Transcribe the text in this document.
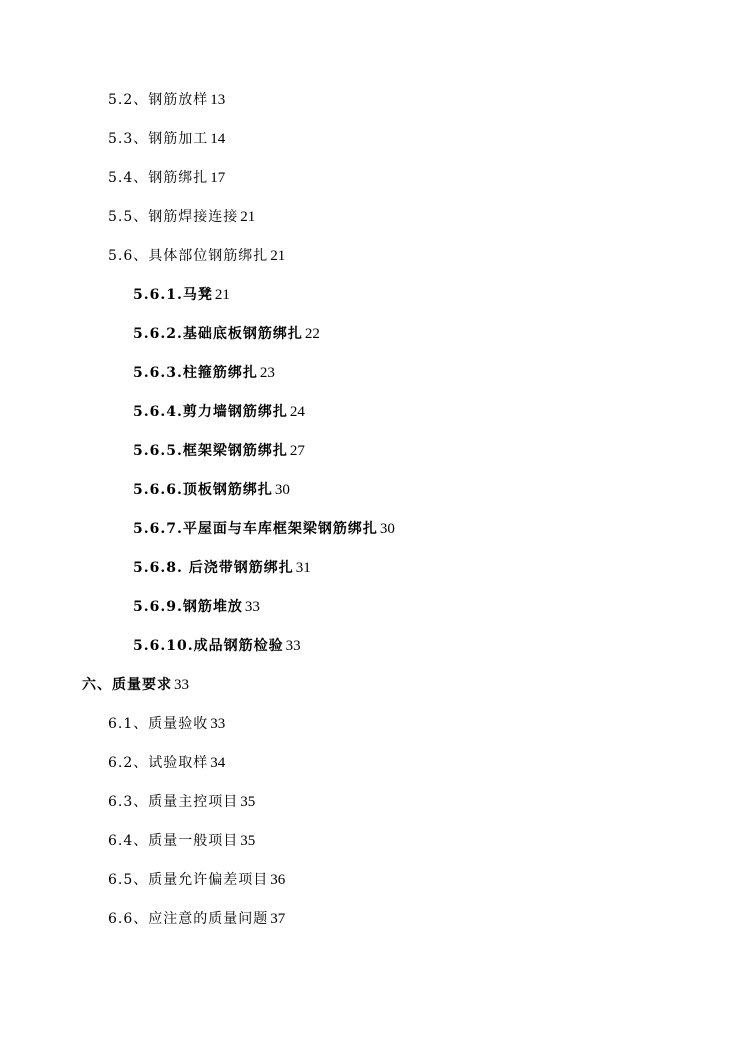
5.2、钢筋放样 13
5.3、钢筋加工 14
5.4、钢筋绑扎 17
5.5、钢筋焊接连接 21
5.6、具体部位钢筋绑扎 21
5.6.1.马凳 21
5.6.2.基础底板钢筋绑扎 22
5.6.3.柱箍筋绑扎 23
5.6.4.剪力墙钢筋绑扎 24
5.6.5.框架梁钢筋绑扎 27
5.6.6.顶板钢筋绑扎 30
5.6.7.平屋面与车库框架梁钢筋绑扎 30
5.6.8. 后浇带钢筋绑扎 31
5.6.9.钢筋堆放 33
5.6.10.成品钢筋检验 33
六、质量要求 33
6.1、质量验收 33
6.2、试验取样 34
6.3、质量主控项目 35
6.4、质量一般项目 35
6.5、质量允许偏差项目 36
6.6、应注意的质量问题 37
